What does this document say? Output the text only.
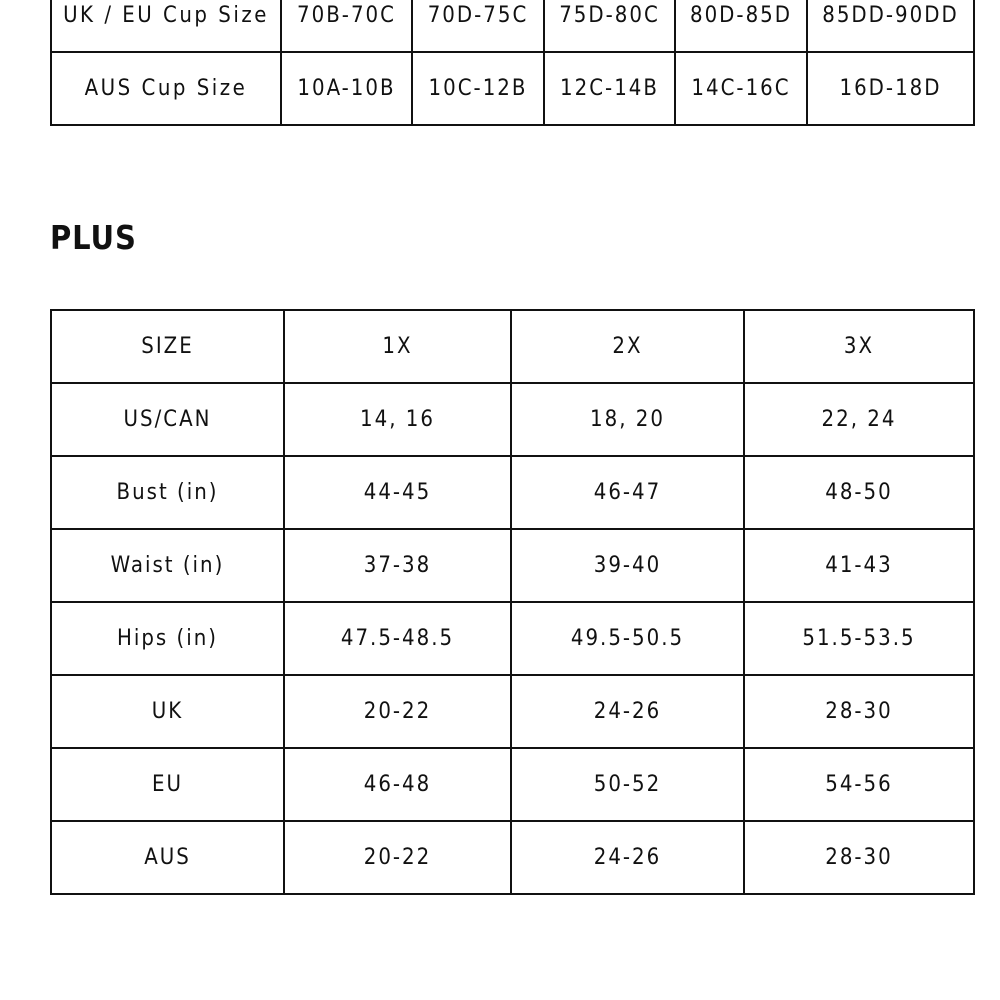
UK / EU Cup Size	70B-70C	70D-75C	75D-80C	80D-85D	85DD-90DD
AUS Cup Size	10A-10B	10C-12B	12C-14B	14C-16C	16D-18D
PLUS
SIZE	1X	2X	3X
US/CAN	14, 16	18, 20	22, 24
Bust (in)	44-45	46-47	48-50
Waist (in)	37-38	39-40	41-43
Hips (in)	47.5-48.5	49.5-50.5	51.5-53.5
UK	20-22	24-26	28-30
EU	46-48	50-52	54-56
AUS	20-22	24-26	28-30
